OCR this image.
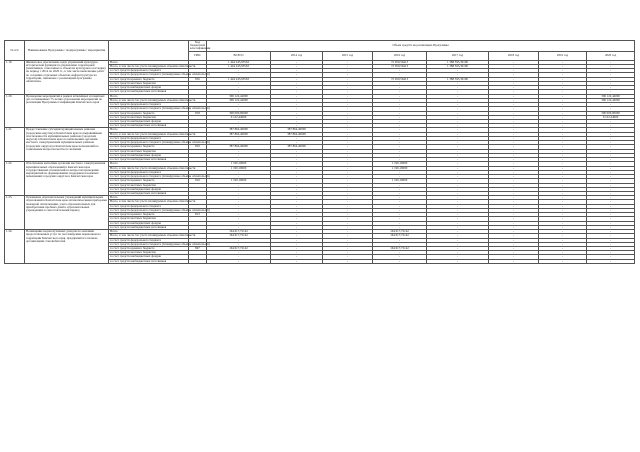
№ п/п	Наименование Программы / подпрограммы / мероприятия		Код бюджетной классификации	Объем средств на реализацию Программы							
			ГРБС	ВСЕГО	2014 год	2015 год	2016 год	2017 год	2018 год	2019 год	2020 год
1.19.	Финансовое обеспечение задач управлений культурно-исторической функции по управлению территорией (памятников, отнесенных к объектам культурного наследия) на период с 2014 по 2020 гг., в том числе выполнение работ по созданию отдельных объектов, инфраструктура на территории, связанных с реализацией программы «Камчатка»	Всего		1 444 245,95563	-	-	72 650,56413	1 388 595,39100	-	-	-
		Всего, в том числе без учета планируемых объемов обязательств		1 444 245,95563	-	-	72 650,56413	1 388 595,39100	-	-	-
		за счет средств федерального бюджета		-	-	-	-	-	-	-	-
		за счет средств федерального бюджета (планируемые объемы обязательств)		-	-	-	-	-	-	-	-
		за счет средств краевого бюджета	816	1 444 245,95563	-	-	72 650,56413	1 388 595,39100	-	-	-
		за счет средств местных бюджетов		-	-	-	-	-	-	-	-
		за счет средств внебюджетных фондов		-	-	-	-	-	-	-	-
		за счет средств внебюджетных источников		-	-	-	-	-	-	-	-
1.20.	Проведение мероприятий в рамках юбилейных и памятных дат, посвященных 75-летию образования мероприятий по реализации Программы газификации Камчатского края	Всего		306 122,44000	-	-	-	-	-	-	306 122,44000
		Всего, в том числе без учета планируемых объемов обязательств		306 122,44000	-	-	-	-	-	-	306 122,44000
		за счет средств федерального бюджета		-	-	-	-	-	-	-	-
		за счет средств федерального бюджета (планируемые объемы обязательств)		-	-	-	-	-	-	-	-
		за счет средств краевого бюджета	818	300 000,00000	-	-	-	-	-	-	300 000,00000
		за счет средств местных бюджетов		6 122,44000	-	-	-	-	-	-	6 122,44000
		за счет средств внебюджетных фондов		-	-	-	-	-	-	-	-
		за счет средств внебюджетных источников		-	-	-	-	-	-	-	-
1.21.	Предоставление субсидий муниципальным районам (городским округам) в Камчатском крае на выравнивание обеспеченности муниципальных районов (городских округов) в Камчатском крае по выполнению органами местного самоуправления муниципальных районов (городских округов) в Камчатском крае полномочий по социальным вопросам местного значения	Всего		387 864,40000	387 864,40000	-	-	-	-	-	-
		Всего, в том числе без учета планируемых объемов обязательств		387 864,40000	387 864,40000	-	-	-	-	-	-
		за счет средств федерального бюджета		-	-	-	-	-	-	-	-
		за счет средств федерального бюджета (планируемые объемы обязательств)		-	-	-	-	-	-	-	-
		за счет средств краевого бюджета	810	387 864,40000	387 864,40000	-	-	-	-	-	-
		за счет средств местных бюджетов		-	-	-	-	-	-	-	-
		за счет средств внебюджетных фондов		-	-	-	-	-	-	-	-
		за счет средств внебюджетных источников		-	-	-	-	-	-	-	-
1.22.	Обеспечение жителями органами местного самоуправления муниципальных образований в Камчатском крае государственных полномочий по вопросам проведения мероприятий по формированию поддержки в нежилых помещениях городских округов в Камчатском крае	Всего		1 190,19000	-	-	1 190,19000	-	-	-	-
		Всего, в том числе без учета планируемых объемов обязательств		1 190,19000	-	-	1 190,19000	-	-	-	-
		за счет средств федерального бюджета		-	-	-	-	-	-	-	-
		за счет средств федерального бюджета (планируемые объемы обязательств)		-	-	-	-	-	-	-	-
		за счет средств краевого бюджета	816	1 190,19000	-	-	1 190,19000	-	-	-	-
		за счет средств местных бюджетов		-	-	-	-	-	-	-	-
		за счет средств внебюджетных фондов		-	-	-	-	-	-	-	-
		за счет средств внебюджетных источников		-	-	-	-	-	-	-	-
1.23.	Оснащение образовательных учреждений муниципальных образований в Камчатском крае автоматическими приборами пожарной сигнализации, учета образовательных для приобретения пробных дней в образовательных учреждениях в самостоятельный период	Всего		-	-	-	-	-	-	-	-
		Всего, в том числе без учета планируемых объемов обязательств		-	-	-	-	-	-	-	-
		за счет средств федерального бюджета		-	-	-	-	-	-	-	-
		за счет средств федерального бюджета (планируемые объемы обязательств)		-	-	-	-	-	-	-	-
		за счет средств краевого бюджета	813	-	-	-	-	-	-	-	-
		за счет средств местных бюджетов		-	-	-	-	-	-	-	-
		за счет средств внебюджетных фондов		-	-	-	-	-	-	-	-
		за счет средств внебюджетных источников		-	-	-	-	-	-	-	-
1.24.	Возмещение недополученных доходов по оказанию предоставленных услуг по пассажирским перевозкам на территории Камчатского края, предпринятого планом, организациям этнолюбителей	Всего		164 617,72142	-	-	164 617,72142	-	-	-	-
		Всего, в том числе без учета планируемых объемов обязательств		164 617,72142	-	-	164 617,72142	-	-	-	-
		за счет средств федерального бюджета		-	-	-	-	-	-	-	-
		за счет средств федерального бюджета (планируемые объемы обязательств)		-	-	-	-	-	-	-	-
		за счет средств краевого бюджета	847	164 617,72142	-	-	164 617,72142	-	-	-	-
		за счет средств местных бюджетов		-	-	-	-	-	-	-	-
		за счет средств внебюджетных фондов		-	-	-	-	-	-	-	-
		за счет средств внебюджетных источников		-	-	-	-	-	-	-	-
